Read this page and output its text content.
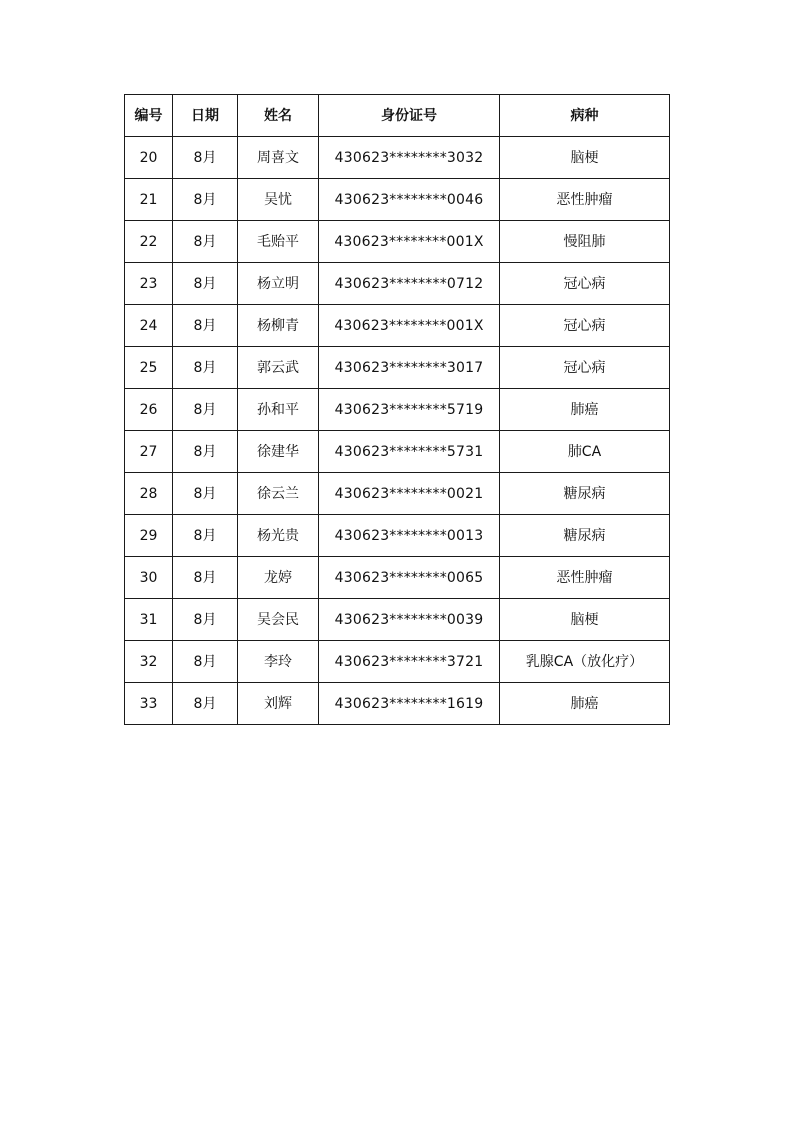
编号	日期	姓名	身份证号	病种
20	8月	周喜文	430623********3032	脑梗
21	8月	吴忧	430623********0046	恶性肿瘤
22	8月	毛贻平	430623********001X	慢阻肺
23	8月	杨立明	430623********0712	冠心病
24	8月	杨柳青	430623********001X	冠心病
25	8月	郭云武	430623********3017	冠心病
26	8月	孙和平	430623********5719	肺癌
27	8月	徐建华	430623********5731	肺CA
28	8月	徐云兰	430623********0021	糖尿病
29	8月	杨光贵	430623********0013	糖尿病
30	8月	龙婷	430623********0065	恶性肿瘤
31	8月	吴会民	430623********0039	脑梗
32	8月	李玲	430623********3721	乳腺CA（放化疗）
33	8月	刘辉	430623********1619	肺癌
